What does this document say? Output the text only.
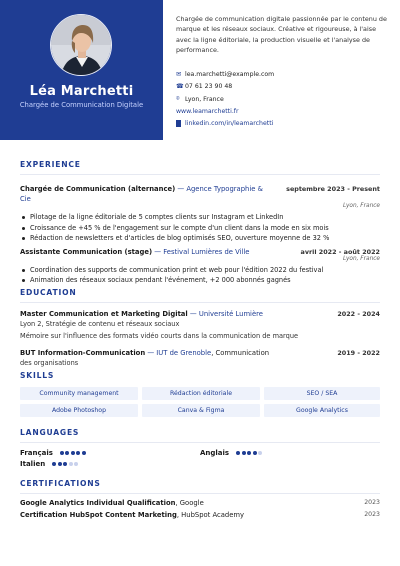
Léa Marchetti
Chargée de Communication Digitale
Chargée de communication digitale passionnée par le contenu de marque et les réseaux sociaux. Créative et rigoureuse, à l'aise avec la ligne éditoriale, la production visuelle et l'analyse de performance.
✉ lea.marchetti@example.com
☎ 07 61 23 90 48
⌾ Lyon, France
www.leamarchetti.fr
linkedin.com/in/leamarchetti
EXPERIENCE
Chargée de Communication (alternance) — Agence Typographie & Cie
septembre 2023 - Present
Lyon, France
Pilotage de la ligne éditoriale de 5 comptes clients sur Instagram et LinkedIn
Croissance de +45 % de l'engagement sur le compte d'un client dans la mode en six mois
Rédaction de newsletters et d'articles de blog optimisés SEO, ouverture moyenne de 32 %
Assistante Communication (stage) — Festival Lumières de Ville	avril 2022 - août 2022
Lyon, France
Coordination des supports de communication print et web pour l'édition 2022 du festival
Animation des réseaux sociaux pendant l'événement, +2 000 abonnés gagnés
EDUCATION
Master Communication et Marketing Digital — Université Lumière	2022 - 2024
Lyon 2, Stratégie de contenu et réseaux sociaux
Mémoire sur l'influence des formats vidéo courts dans la communication de marque
BUT Information-Communication — IUT de Grenoble, Communication	2019 - 2022
des organisations
SKILLS
Community management	Rédaction éditoriale	SEO / SEA
Adobe Photoshop	Canva & Figma	Google Analytics
LANGUAGES
Français	Anglais
Italien
CERTIFICATIONS
Google Analytics Individual Qualification, Google	2023
Certification HubSpot Content Marketing, HubSpot Academy	2023
